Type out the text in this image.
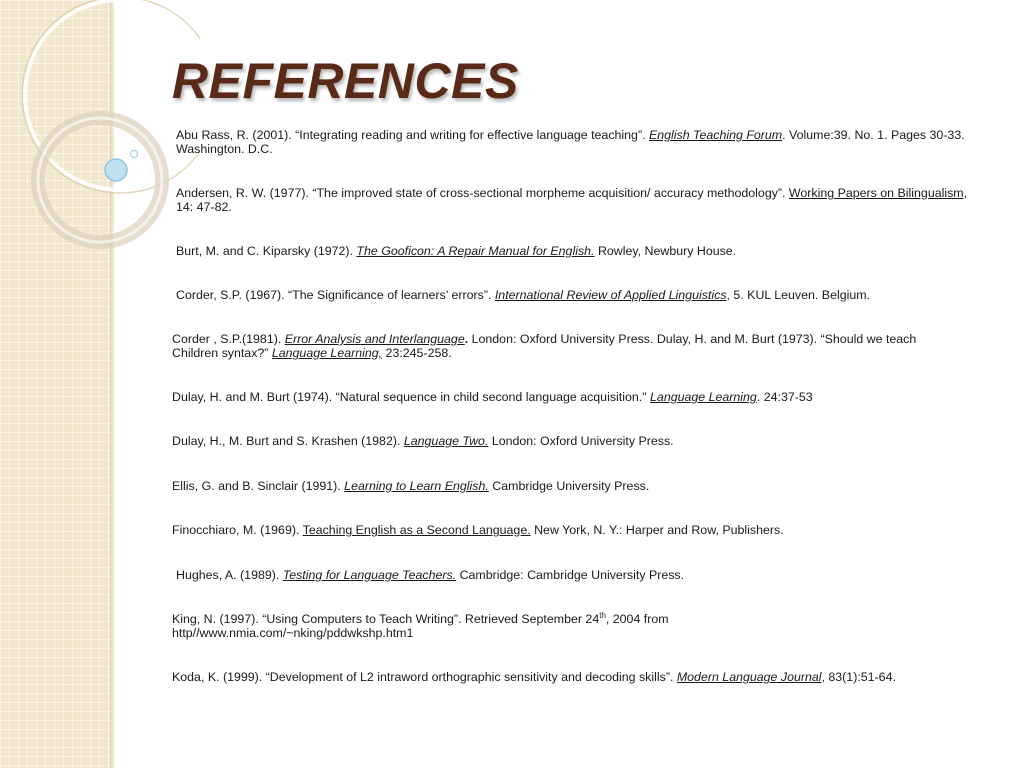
REFERENCES

Abu Rass, R. (2001). “Integrating reading and writing for effective language teaching”. English Teaching Forum. Volume:39. No. 1. Pages 30-33. Washington. D.C.

Andersen, R. W. (1977). “The improved state of cross-sectional morpheme acquisition/ accuracy methodology”. Working Papers on Bilingualism, 14: 47-82.

Burt, M. and C. Kiparsky (1972). The Gooficon: A Repair Manual for English. Rowley, Newbury House.

Corder, S.P. (1967). “The Significance of learners’ errors”. International Review of Applied Linguistics, 5. KUL Leuven. Belgium.

Corder , S.P.(1981). Error Analysis and Interlanguage. London: Oxford University Press. Dulay, H. and M. Burt (1973). “Should we teach Children syntax?” Language Learning, 23:245-258.

Dulay, H. and M. Burt (1974). “Natural sequence in child second language acquisition." Language Learning. 24:37-53

Dulay, H., M. Burt and S. Krashen (1982). Language Two. London: Oxford University Press.

Ellis, G. and B. Sinclair (1991). Learning to Learn English. Cambridge University Press.

Finocchiaro, M. (1969). Teaching English as a Second Language. New York, N. Y.: Harper and Row, Publishers.

Hughes, A. (1989). Testing for Language Teachers. Cambridge: Cambridge University Press.

King, N. (1997). “Using Computers to Teach Writing”. Retrieved September 24th, 2004 from http//www.nmia.com/~nking/pddwkshp.htm1

Koda, K. (1999). “Development of L2 intraword orthographic sensitivity and decoding skills”. Modern Language Journal, 83(1):51-64.
